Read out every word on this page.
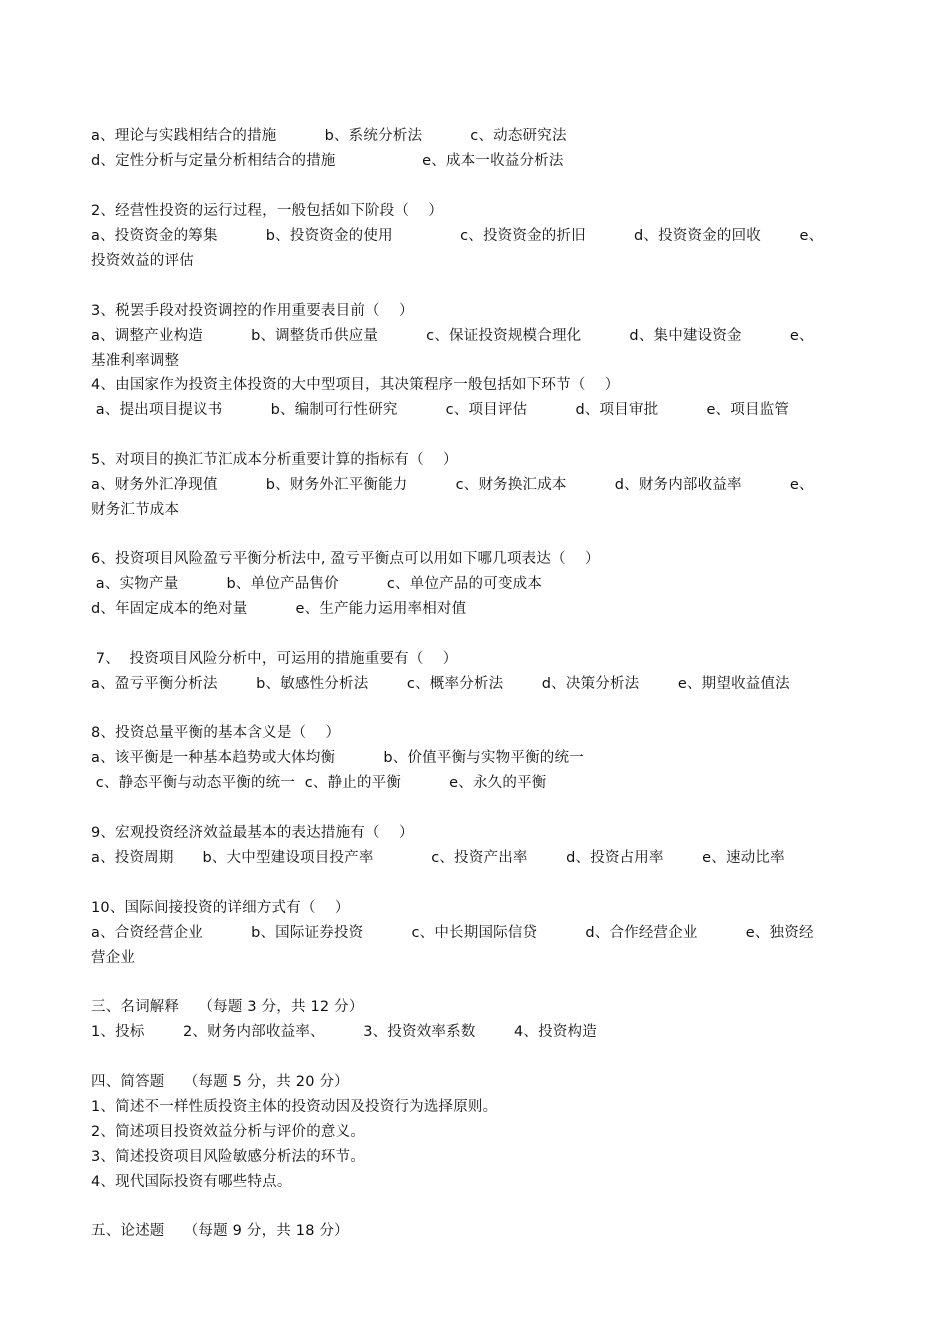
a、理论与实践相结合的措施          b、系统分析法          c、动态研究法
d、定性分析与定量分析相结合的措施                  e、成本一收益分析法
2、经营性投资的运行过程，一般包括如下阶段（    ）
a、投资资金的筹集          b、投资资金的使用              c、投资资金的折旧          d、投资资金的回收        e、
投资效益的评估
3、税罢手段对投资调控的作用重要表目前（    ）
a、调整产业构造          b、调整货币供应量          c、保证投资规模合理化          d、集中建设资金          e、
基准利率调整
4、由国家作为投资主体投资的大中型项目，其决策程序一般包括如下环节（    ）
a、提出项目提议书          b、编制可行性研究          c、项目评估          d、项目审批          e、项目监管
5、对项目的换汇节汇成本分析重要计算的指标有（    ）
a、财务外汇净现值          b、财务外汇平衡能力          c、财务换汇成本          d、财务内部收益率          e、
财务汇节成本
6、投资项目风险盈亏平衡分析法中, 盈亏平衡点可以用如下哪几项表达（    ）
a、实物产量          b、单位产品售价          c、单位产品的可变成本
d、年固定成本的绝对量          e、生产能力运用率相对值
7、  投资项目风险分析中，可运用的措施重要有（    ）
a、盈亏平衡分析法        b、敏感性分析法        c、概率分析法        d、决策分析法        e、期望收益值法
8、投资总量平衡的基本含义是（    ）
a、该平衡是一种基本趋势或大体均衡          b、价值平衡与实物平衡的统一
c、静态平衡与动态平衡的统一  c、静止的平衡          e、永久的平衡
9、宏观投资经济效益最基本的表达措施有（    ）
a、投资周期      b、大中型建设项目投产率            c、投资产出率        d、投资占用率        e、速动比率
10、国际间接投资的详细方式有（    ）
a、合资经营企业          b、国际证券投资          c、中长期国际信贷          d、合作经营企业          e、独资经
营企业
三、名词解释    （每题 3 分，共 12 分）
1、投标        2、财务内部收益率、        3、投资效率系数        4、投资构造
四、简答题    （每题 5 分，共 20 分）
1、简述不一样性质投资主体的投资动因及投资行为选择原则。
2、简述项目投资效益分析与评价的意义。
3、简述投资项目风险敏感分析法的环节。
4、现代国际投资有哪些特点。
五、论述题    （每题 9 分，共 18 分）
